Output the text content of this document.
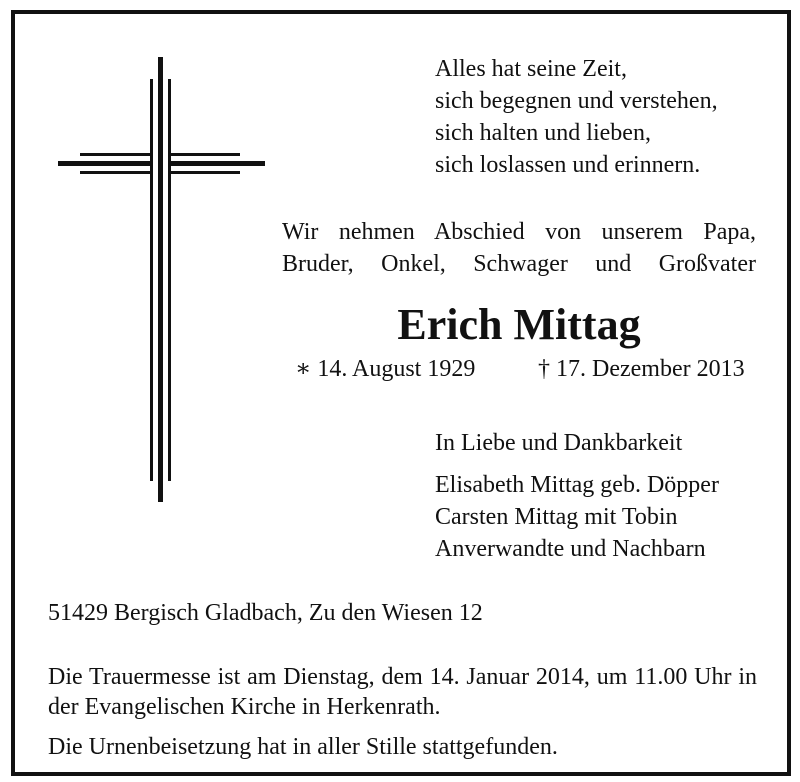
Alles hat seine Zeit,
sich begegnen und verstehen,
sich halten und lieben,
sich loslassen und erinnern.
Wir nehmen Abschied von unserem Papa,
Bruder, Onkel, Schwager und Großvater
Erich Mittag
∗ 14. August 1929	† 17. Dezember 2013
In Liebe und Dankbarkeit
Elisabeth Mittag geb. Döpper
Carsten Mittag mit Tobin
Anverwandte und Nachbarn
51429 Bergisch Gladbach, Zu den Wiesen 12
Die Trauermesse ist am Dienstag, dem 14. Januar 2014, um 11.00 Uhr in der Evangelischen Kirche in Herkenrath.
Die Urnenbeisetzung hat in aller Stille stattgefunden.
